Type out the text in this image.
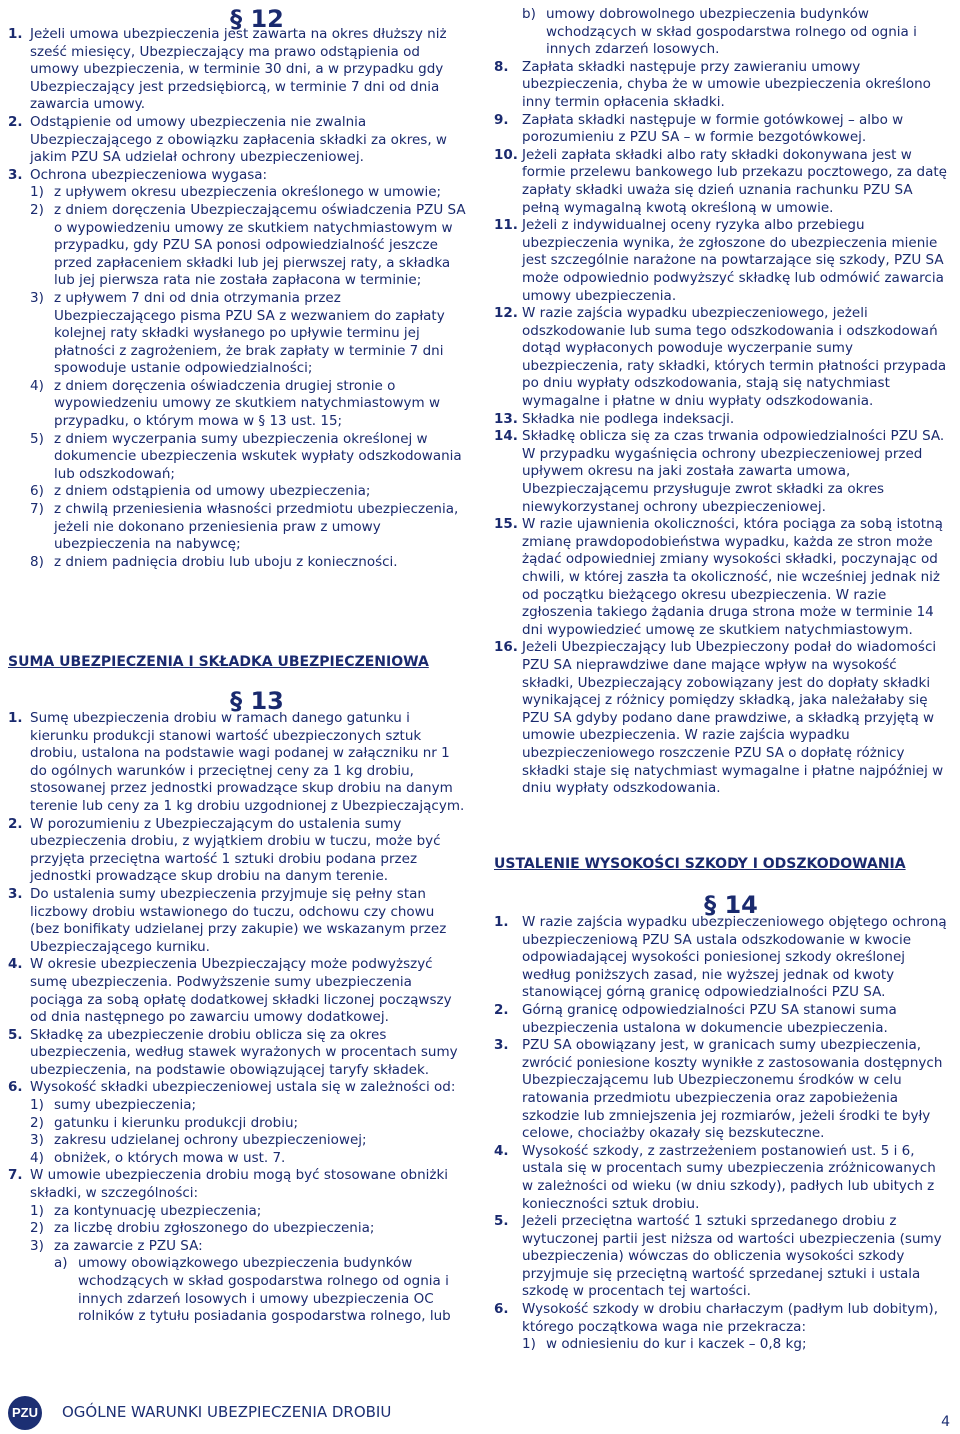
§ 12

1. Jeżeli umowa ubezpieczenia jest zawarta na okres dłuższy niż sześć miesięcy, Ubezpieczający ma prawo odstąpienia od umowy ubezpieczenia, w terminie 30 dni, a w przypadku gdy Ubezpieczający jest przedsiębiorcą, w terminie 7 dni od dnia zawarcia umowy.
2. Odstąpienie od umowy ubezpieczenia nie zwalnia Ubezpieczającego z obowiązku zapłacenia składki za okres, w jakim PZU SA udzielał ochrony ubezpieczeniowej.
3. Ochrona ubezpieczeniowa wygasa:
1) z upływem okresu ubezpieczenia określonego w umowie;
2) z dniem doręczenia Ubezpieczającemu oświadczenia PZU SA o wypowiedzeniu umowy ze skutkiem natychmiastowym w przypadku, gdy PZU SA ponosi odpowiedzialność jeszcze przed zapłaceniem składki lub jej pierwszej raty, a składka lub jej pierwsza rata nie została zapłacona w terminie;
3) z upływem 7 dni od dnia otrzymania przez Ubezpieczającego pisma PZU SA z wezwaniem do zapłaty kolejnej raty składki wysłanego po upływie terminu jej płatności z zagrożeniem, że brak zapłaty w terminie 7 dni spowoduje ustanie odpowiedzialności;
4) z dniem doręczenia oświadczenia drugiej stronie o wypowiedzeniu umowy ze skutkiem natychmiastowym w przypadku, o którym mowa w § 13 ust. 15;
5) z dniem wyczerpania sumy ubezpieczenia określonej w dokumencie ubezpieczenia wskutek wypłaty odszkodowania lub odszkodowań;
6) z dniem odstąpienia od umowy ubezpieczenia;
7) z chwilą przeniesienia własności przedmiotu ubezpieczenia, jeżeli nie dokonano przeniesienia praw z umowy ubezpieczenia na nabywcę;
8) z dniem padnięcia drobiu lub uboju z konieczności.

SUMA UBEZPIECZENIA I SKŁADKA UBEZPIECZENIOWA

§ 13

1. Sumę ubezpieczenia drobiu w ramach danego gatunku i kierunku produkcji stanowi wartość ubezpieczonych sztuk drobiu, ustalona na podstawie wagi podanej w załączniku nr 1 do ogólnych warunków i przeciętnej ceny za 1 kg drobiu, stosowanej przez jednostki prowadzące skup drobiu na danym terenie lub ceny za 1 kg drobiu uzgodnionej z Ubezpieczającym.
2. W porozumieniu z Ubezpieczającym do ustalenia sumy ubezpieczenia drobiu, z wyjątkiem drobiu w tuczu, może być przyjęta przeciętna wartość 1 sztuki drobiu podana przez jednostki prowadzące skup drobiu na danym terenie.
3. Do ustalenia sumy ubezpieczenia przyjmuje się pełny stan liczbowy drobiu wstawionego do tuczu, odchowu czy chowu (bez bonifikaty udzielanej przy zakupie) we wskazanym przez Ubezpieczającego kurniku.
4. W okresie ubezpieczenia Ubezpieczający może podwyższyć sumę ubezpieczenia. Podwyższenie sumy ubezpieczenia pociąga za sobą opłatę dodatkowej składki liczonej począwszy od dnia następnego po zawarciu umowy dodatkowej.
5. Składkę za ubezpieczenie drobiu oblicza się za okres ubezpieczenia, według stawek wyrażonych w procentach sumy ubezpieczenia, na podstawie obowiązującej taryfy składek.
6. Wysokość składki ubezpieczeniowej ustala się w zależności od:
1) sumy ubezpieczenia;
2) gatunku i kierunku produkcji drobiu;
3) zakresu udzielanej ochrony ubezpieczeniowej;
4) obniżek, o których mowa w ust. 7.
7. W umowie ubezpieczenia drobiu mogą być stosowane obniżki składki, w szczególności:
1) za kontynuację ubezpieczenia;
2) za liczbę drobiu zgłoszonego do ubezpieczenia;
3) za zawarcie z PZU SA:
a) umowy obowiązkowego ubezpieczenia budynków wchodzących w skład gospodarstwa rolnego od ognia i innych zdarzeń losowych i umowy ubezpieczenia OC rolników z tytułu posiadania gospodarstwa rolnego, lub
b) umowy dobrowolnego ubezpieczenia budynków wchodzących w skład gospodarstwa rolnego od ognia i innych zdarzeń losowych.
8. Zapłata składki następuje przy zawieraniu umowy ubezpieczenia, chyba że w umowie ubezpieczenia określono inny termin opłacenia składki.
9. Zapłata składki następuje w formie gotówkowej – albo w porozumieniu z PZU SA – w formie bezgotówkowej.
10. Jeżeli zapłata składki albo raty składki dokonywana jest w formie przelewu bankowego lub przekazu pocztowego, za datę zapłaty składki uważa się dzień uznania rachunku PZU SA pełną wymagalną kwotą określoną w umowie.
11. Jeżeli z indywidualnej oceny ryzyka albo przebiegu ubezpieczenia wynika, że zgłoszone do ubezpieczenia mienie jest szczególnie narażone na powtarzające się szkody, PZU SA może odpowiednio podwyższyć składkę lub odmówić zawarcia umowy ubezpieczenia.
12. W razie zajścia wypadku ubezpieczeniowego, jeżeli odszkodowanie lub suma tego odszkodowania i odszkodowań dotąd wypłaconych powoduje wyczerpanie sumy ubezpieczenia, raty składki, których termin płatności przypada po dniu wypłaty odszkodowania, stają się natychmiast wymagalne i płatne w dniu wypłaty odszkodowania.
13. Składka nie podlega indeksacji.
14. Składkę oblicza się za czas trwania odpowiedzialności PZU SA. W przypadku wygaśnięcia ochrony ubezpieczeniowej przed upływem okresu na jaki została zawarta umowa, Ubezpieczającemu przysługuje zwrot składki za okres niewykorzystanej ochrony ubezpieczeniowej.
15. W razie ujawnienia okoliczności, która pociąga za sobą istotną zmianę prawdopodobieństwa wypadku, każda ze stron może żądać odpowiedniej zmiany wysokości składki, poczynając od chwili, w której zaszła ta okoliczność, nie wcześniej jednak niż od początku bieżącego okresu ubezpieczenia. W razie zgłoszenia takiego żądania druga strona może w terminie 14 dni wypowiedzieć umowę ze skutkiem natychmiastowym.
16. Jeżeli Ubezpieczający lub Ubezpieczony podał do wiadomości PZU SA nieprawdziwe dane mające wpływ na wysokość składki, Ubezpieczający zobowiązany jest do dopłaty składki wynikającej z różnicy pomiędzy składką, jaka należałaby się PZU SA gdyby podano dane prawdziwe, a składką przyjętą w umowie ubezpieczenia. W razie zajścia wypadku ubezpieczeniowego roszczenie PZU SA o dopłatę różnicy składki staje się natychmiast wymagalne i płatne najpóźniej w dniu wypłaty odszkodowania.

USTALENIE WYSOKOŚCI SZKODY I ODSZKODOWANIA

§ 14

1. W razie zajścia wypadku ubezpieczeniowego objętego ochroną ubezpieczeniową PZU SA ustala odszkodowanie w kwocie odpowiadającej wysokości poniesionej szkody określonej według poniższych zasad, nie wyższej jednak od kwoty stanowiącej górną granicę odpowiedzialności PZU SA.
2. Górną granicę odpowiedzialności PZU SA stanowi suma ubezpieczenia ustalona w dokumencie ubezpieczenia.
3. PZU SA obowiązany jest, w granicach sumy ubezpieczenia, zwrócić poniesione koszty wynikłe z zastosowania dostępnych Ubezpieczającemu lub Ubezpieczonemu środków w celu ratowania przedmiotu ubezpieczenia oraz zapobieżenia szkodzie lub zmniejszenia jej rozmiarów, jeżeli środki te były celowe, chociażby okazały się bezskuteczne.
4. Wysokość szkody, z zastrzeżeniem postanowień ust. 5 i 6, ustala się w procentach sumy ubezpieczenia zróżnicowanych w zależności od wieku (w dniu szkody), padłych lub ubitych z konieczności sztuk drobiu.
5. Jeżeli przeciętna wartość 1 sztuki sprzedanego drobiu z wytuczonej partii jest niższa od wartości ubezpieczenia (sumy ubezpieczenia) wówczas do obliczenia wysokości szkody przyjmuje się przeciętną wartość sprzedanej sztuki i ustala szkodę w procentach tej wartości.
6. Wysokość szkody w drobiu charłaczym (padłym lub dobitym), którego początkowa waga nie przekracza:
1) w odniesieniu do kur i kaczek – 0,8 kg;
PZU OGÓLNE WARUNKI UBEZPIECZENIA DROBIU
4
